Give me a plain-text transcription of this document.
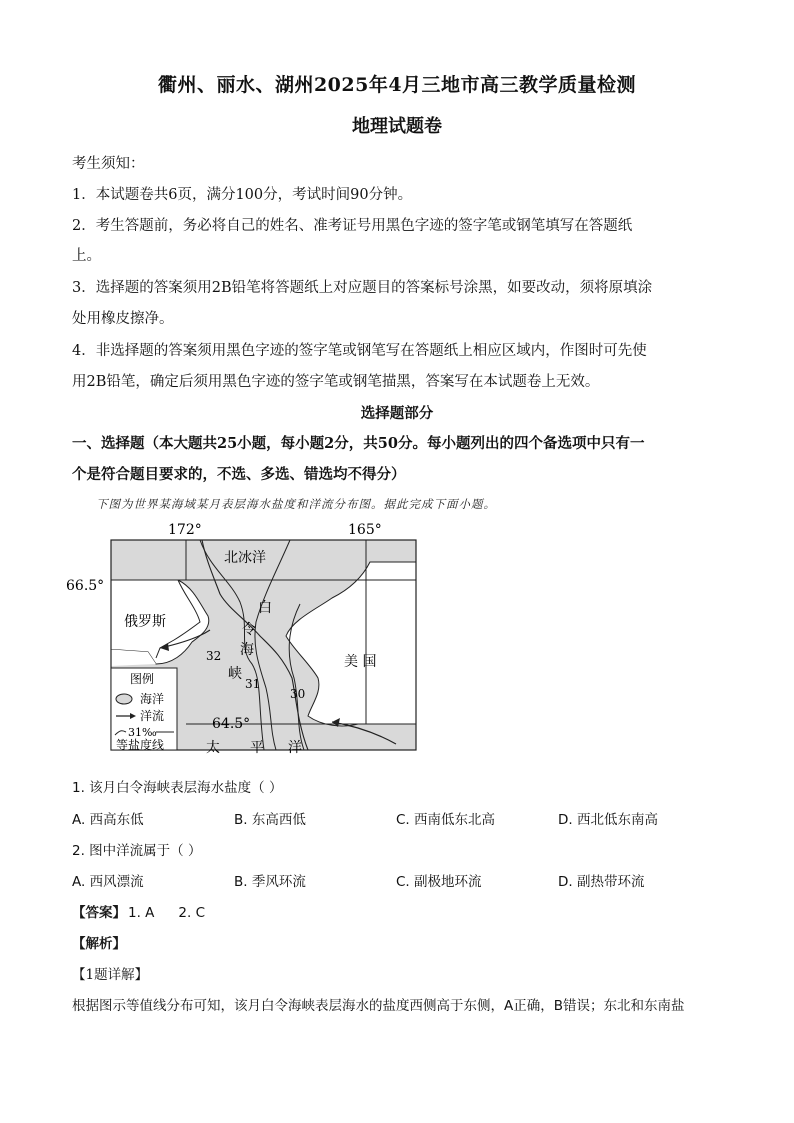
衢州、丽水、湖州2025年4月三地市高三教学质量检测
地理试题卷
考生须知：
1．本试题卷共6页，满分100分，考试时间90分钟。
2．考生答题前，务必将自己的姓名、准考证号用黑色字迹的签字笔或钢笔填写在答题纸
上。
3．选择题的答案须用2B铅笔将答题纸上对应题目的答案标号涂黑，如要改动，须将原填涂
处用橡皮擦净。
4．非选择题的答案须用黑色字迹的签字笔或钢笔写在答题纸上相应区域内，作图时可先使
用2B铅笔，确定后须用黑色字迹的签字笔或钢笔描黑，答案写在本试题卷上无效。
选择题部分
一、选择题（本大题共25小题，每小题2分，共50分。每小题列出的四个备选项中只有一
个是符合题目要求的，不选、多选、错选均不得分）
下图为世界某海域某月表层海水盐度和洋流分布图。据此完成下面小题。
172°	165°
66.5°
64.5°
北冰洋
俄罗斯
美 国
白
令
海
峡
32
31
30
太 平 洋
图例
海洋
洋流
31‰
等盐度线
1. 该月白令海峡表层海水盐度（ ）
A. 西高东低	B. 东高西低	C. 西南低东北高	D. 西北低东南高
2. 图中洋流属于（ ）
A. 西风漂流	B. 季风环流	C. 副极地环流	D. 副热带环流
【答案】 1. A 2. C
【解析】
【1题详解】
根据图示等值线分布可知，该月白令海峡表层海水的盐度西侧高于东侧，A正确，B错误；东北和东南盐
